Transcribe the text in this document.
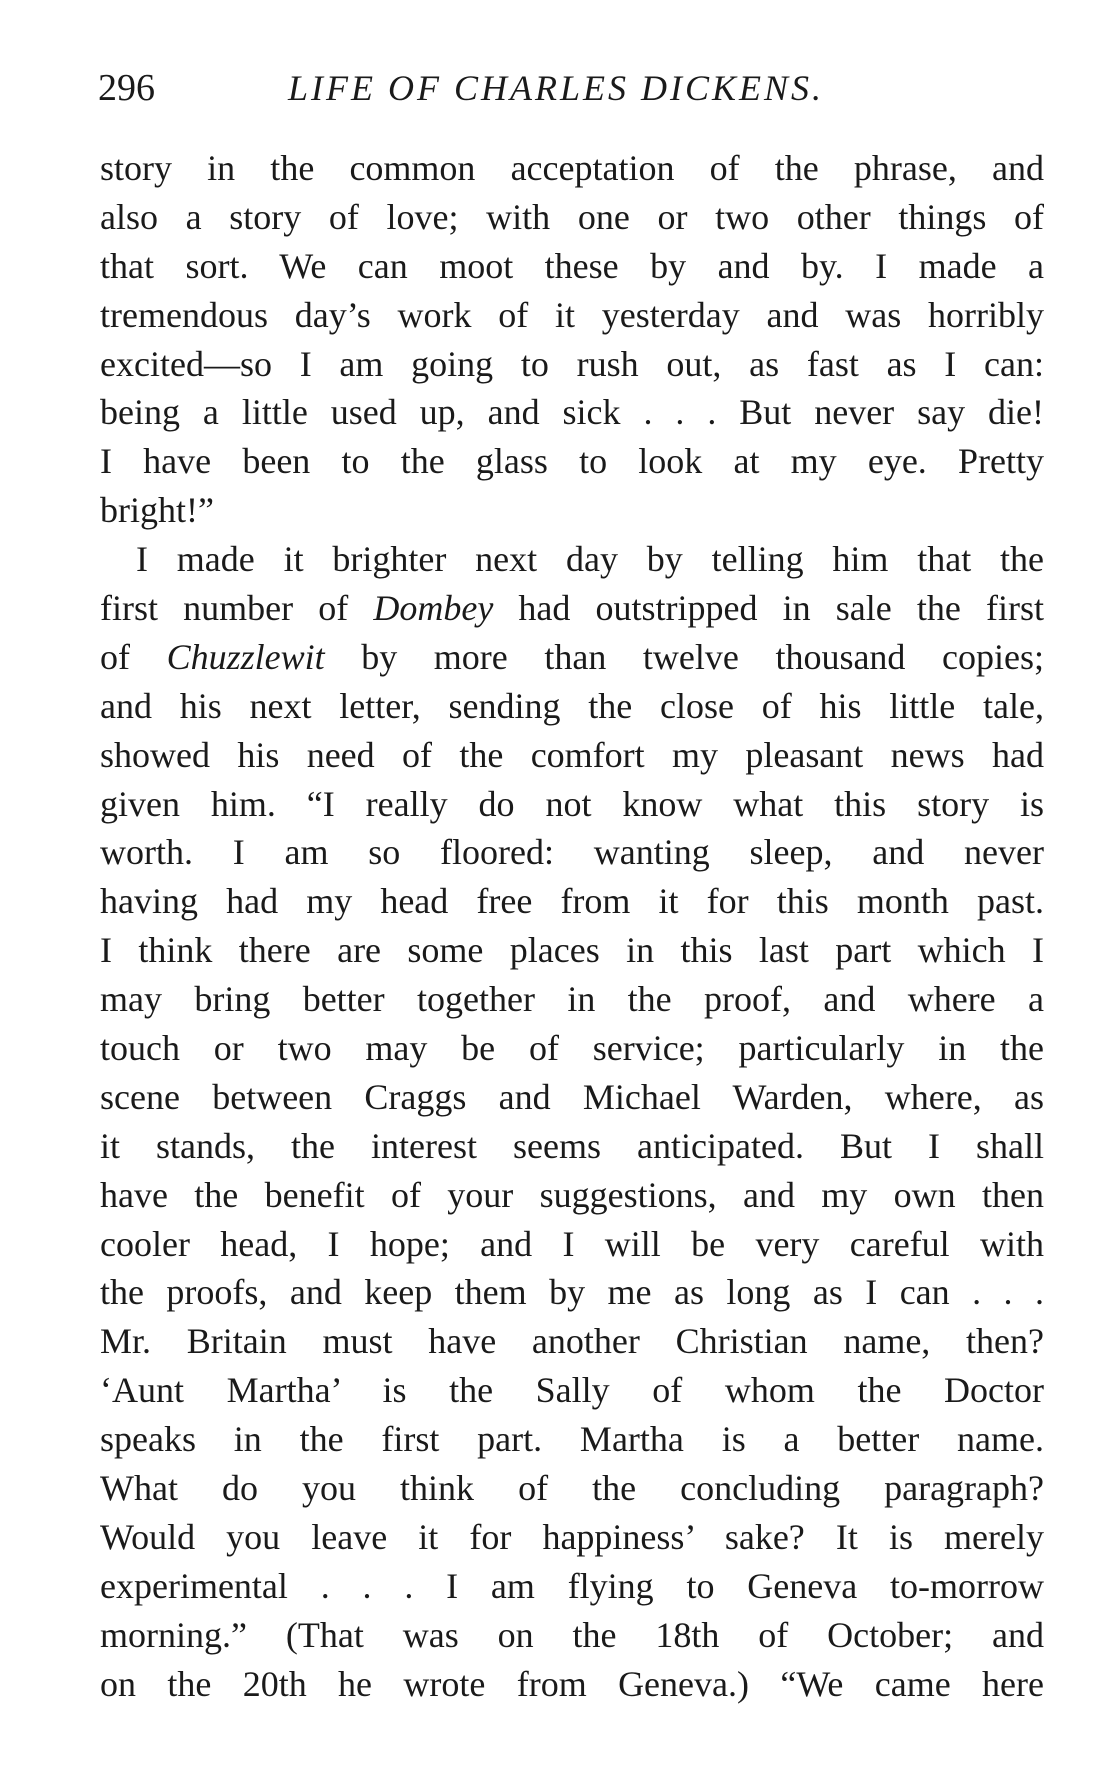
296	LIFE OF CHARLES DICKENS.
story in the common acceptation of the phrase, and
also a story of love; with one or two other things of
that sort. We can moot these by and by. I made a
tremendous day’s work of it yesterday and was horribly
excited—so I am going to rush out, as fast as I can:
being a little used up, and sick . . . But never say die!
I have been to the glass to look at my eye. Pretty
bright!”
I made it brighter next day by telling him that the
first number of Dombey had outstripped in sale the first
of Chuzzlewit by more than twelve thousand copies;
and his next letter, sending the close of his little tale,
showed his need of the comfort my pleasant news had
given him. “I really do not know what this story is
worth. I am so floored: wanting sleep, and never
having had my head free from it for this month past.
I think there are some places in this last part which I
may bring better together in the proof, and where a
touch or two may be of service; particularly in the
scene between Craggs and Michael Warden, where, as
it stands, the interest seems anticipated. But I shall
have the benefit of your suggestions, and my own then
cooler head, I hope; and I will be very careful with
the proofs, and keep them by me as long as I can . . .
Mr. Britain must have another Christian name, then?
‘Aunt Martha’ is the Sally of whom the Doctor
speaks in the first part. Martha is a better name.
What do you think of the concluding paragraph?
Would you leave it for happiness’ sake? It is merely
experimental . . . I am flying to Geneva to-morrow
morning.” (That was on the 18th of October; and
on the 20th he wrote from Geneva.) “We came here
